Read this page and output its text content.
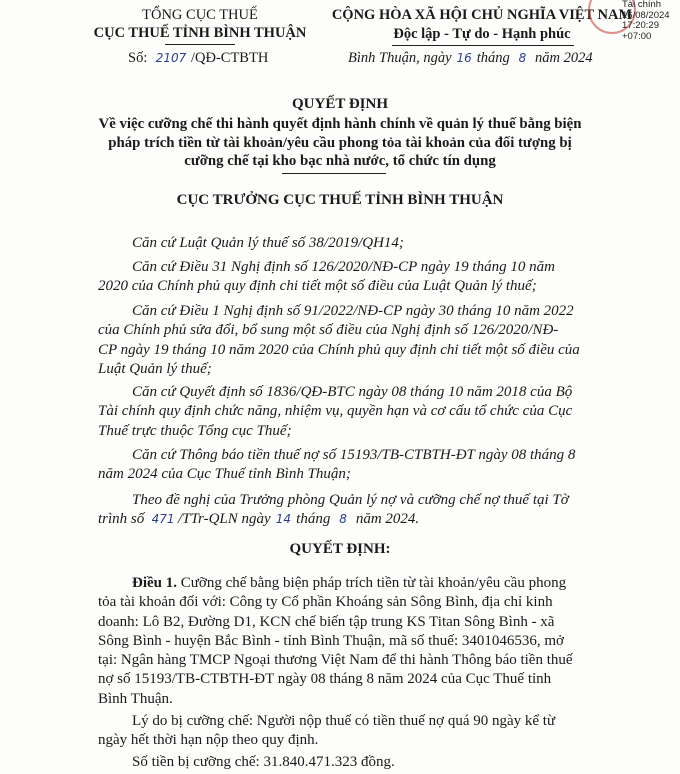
TỔNG CỤC THUẾ
CỤC THUẾ TỈNH BÌNH THUẬN
Số: 2107 /QĐ-CTBTH
CỘNG HÒA XÃ HỘI CHỦ NGHĨA VIỆT NAM
Độc lập - Tự do - Hạnh phúc
Bình Thuận, ngày 16 tháng 8 năm 2024
Tài chính
16/08/2024
17:20:29
+07:00
QUYẾT ĐỊNH
Về việc cưỡng chế thi hành quyết định hành chính về quản lý thuế bằng biện
pháp trích tiền từ tài khoản/yêu cầu phong tỏa tài khoản của đối tượng bị
cưỡng chế tại kho bạc nhà nước, tổ chức tín dụng
CỤC TRƯỞNG CỤC THUẾ TỈNH BÌNH THUẬN
Căn cứ Luật Quản lý thuế số 38/2019/QH14;
Căn cứ Điều 31 Nghị định số 126/2020/NĐ-CP ngày 19 tháng 10 năm
2020 của Chính phủ quy định chi tiết một số điều của Luật Quản lý thuế;
Căn cứ Điều 1 Nghị định số 91/2022/NĐ-CP ngày 30 tháng 10 năm 2022
của Chính phủ sửa đổi, bổ sung một số điều của Nghị định số 126/2020/NĐ-
CP ngày 19 tháng 10 năm 2020 của Chính phủ quy định chi tiết một số điều của
Luật Quản lý thuế;
Căn cứ Quyết định số 1836/QĐ-BTC ngày 08 tháng 10 năm 2018 của Bộ
Tài chính quy định chức năng, nhiệm vụ, quyền hạn và cơ cấu tổ chức của Cục
Thuế trực thuộc Tổng cục Thuế;
Căn cứ Thông báo tiền thuế nợ số 15193/TB-CTBTH-ĐT ngày 08 tháng 8
năm 2024 của Cục Thuế tỉnh Bình Thuận;
Theo đề nghị của Trưởng phòng Quản lý nợ và cưỡng chế nợ thuế tại Tờ
trình số 471 /TTr-QLN ngày 14 tháng 8 năm 2024.
QUYẾT ĐỊNH:
Điều 1. Cưỡng chế bằng biện pháp trích tiền từ tài khoản/yêu cầu phong
tỏa tài khoản đối với: Công ty Cổ phần Khoáng sản Sông Bình, địa chỉ kinh
doanh: Lô B2, Đường D1, KCN chế biến tập trung KS Titan Sông Bình - xã
Sông Bình - huyện Bắc Bình - tỉnh Bình Thuận, mã số thuế: 3401046536, mở
tại: Ngân hàng TMCP Ngoại thương Việt Nam để thi hành Thông báo tiền thuế
nợ số 15193/TB-CTBTH-ĐT ngày 08 tháng 8 năm 2024 của Cục Thuế tỉnh
Bình Thuận.
Lý do bị cưỡng chế: Người nộp thuế có tiền thuế nợ quá 90 ngày kể từ
ngày hết thời hạn nộp theo quy định.
Số tiền bị cưỡng chế: 31.840.471.323 đồng.
